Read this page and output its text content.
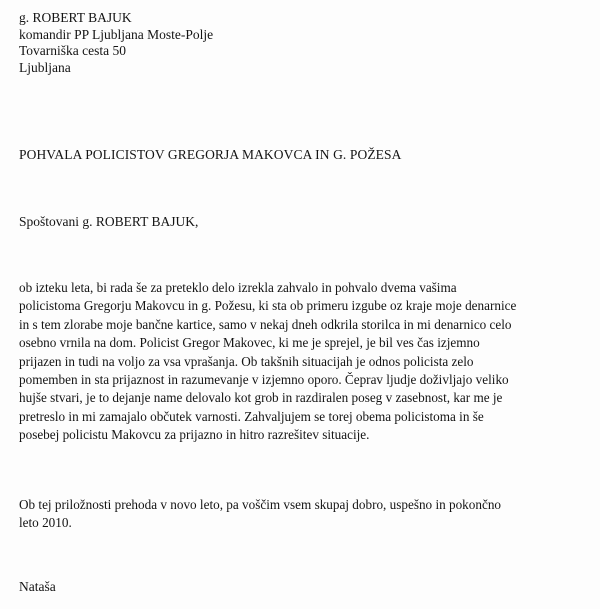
g. ROBERT BAJUK
komandir PP Ljubljana Moste-Polje
Tovarniška cesta 50
Ljubljana
POHVALA POLICISTOV GREGORJA MAKOVCA IN G. POŽESA
Spoštovani g. ROBERT BAJUK,
ob izteku leta, bi rada še za preteklo delo izrekla zahvalo in pohvalo dvema vašima
policistoma Gregorju Makovcu in g. Požesu, ki sta ob primeru izgube oz kraje moje denarnice
in s tem zlorabe moje bančne kartice, samo v nekaj dneh odkrila storilca in mi denarnico celo
osebno vrnila na dom. Policist Gregor Makovec, ki me je sprejel, je bil ves čas izjemno
prijazen in tudi na voljo za vsa vprašanja. Ob takšnih situacijah je odnos policista zelo
pomemben in sta prijaznost in razumevanje v izjemno oporo. Čeprav ljudje doživljajo veliko
hujše stvari, je to dejanje name delovalo kot grob in razdiralen poseg v zasebnost, kar me je
pretreslo in mi zamajalo občutek varnosti. Zahvaljujem se torej obema policistoma in še
posebej policistu Makovcu za prijazno in hitro razrešitev situacije.
Ob tej priložnosti prehoda v novo leto, pa voščim vsem skupaj dobro, uspešno in pokončno
leto 2010.
Nataša
